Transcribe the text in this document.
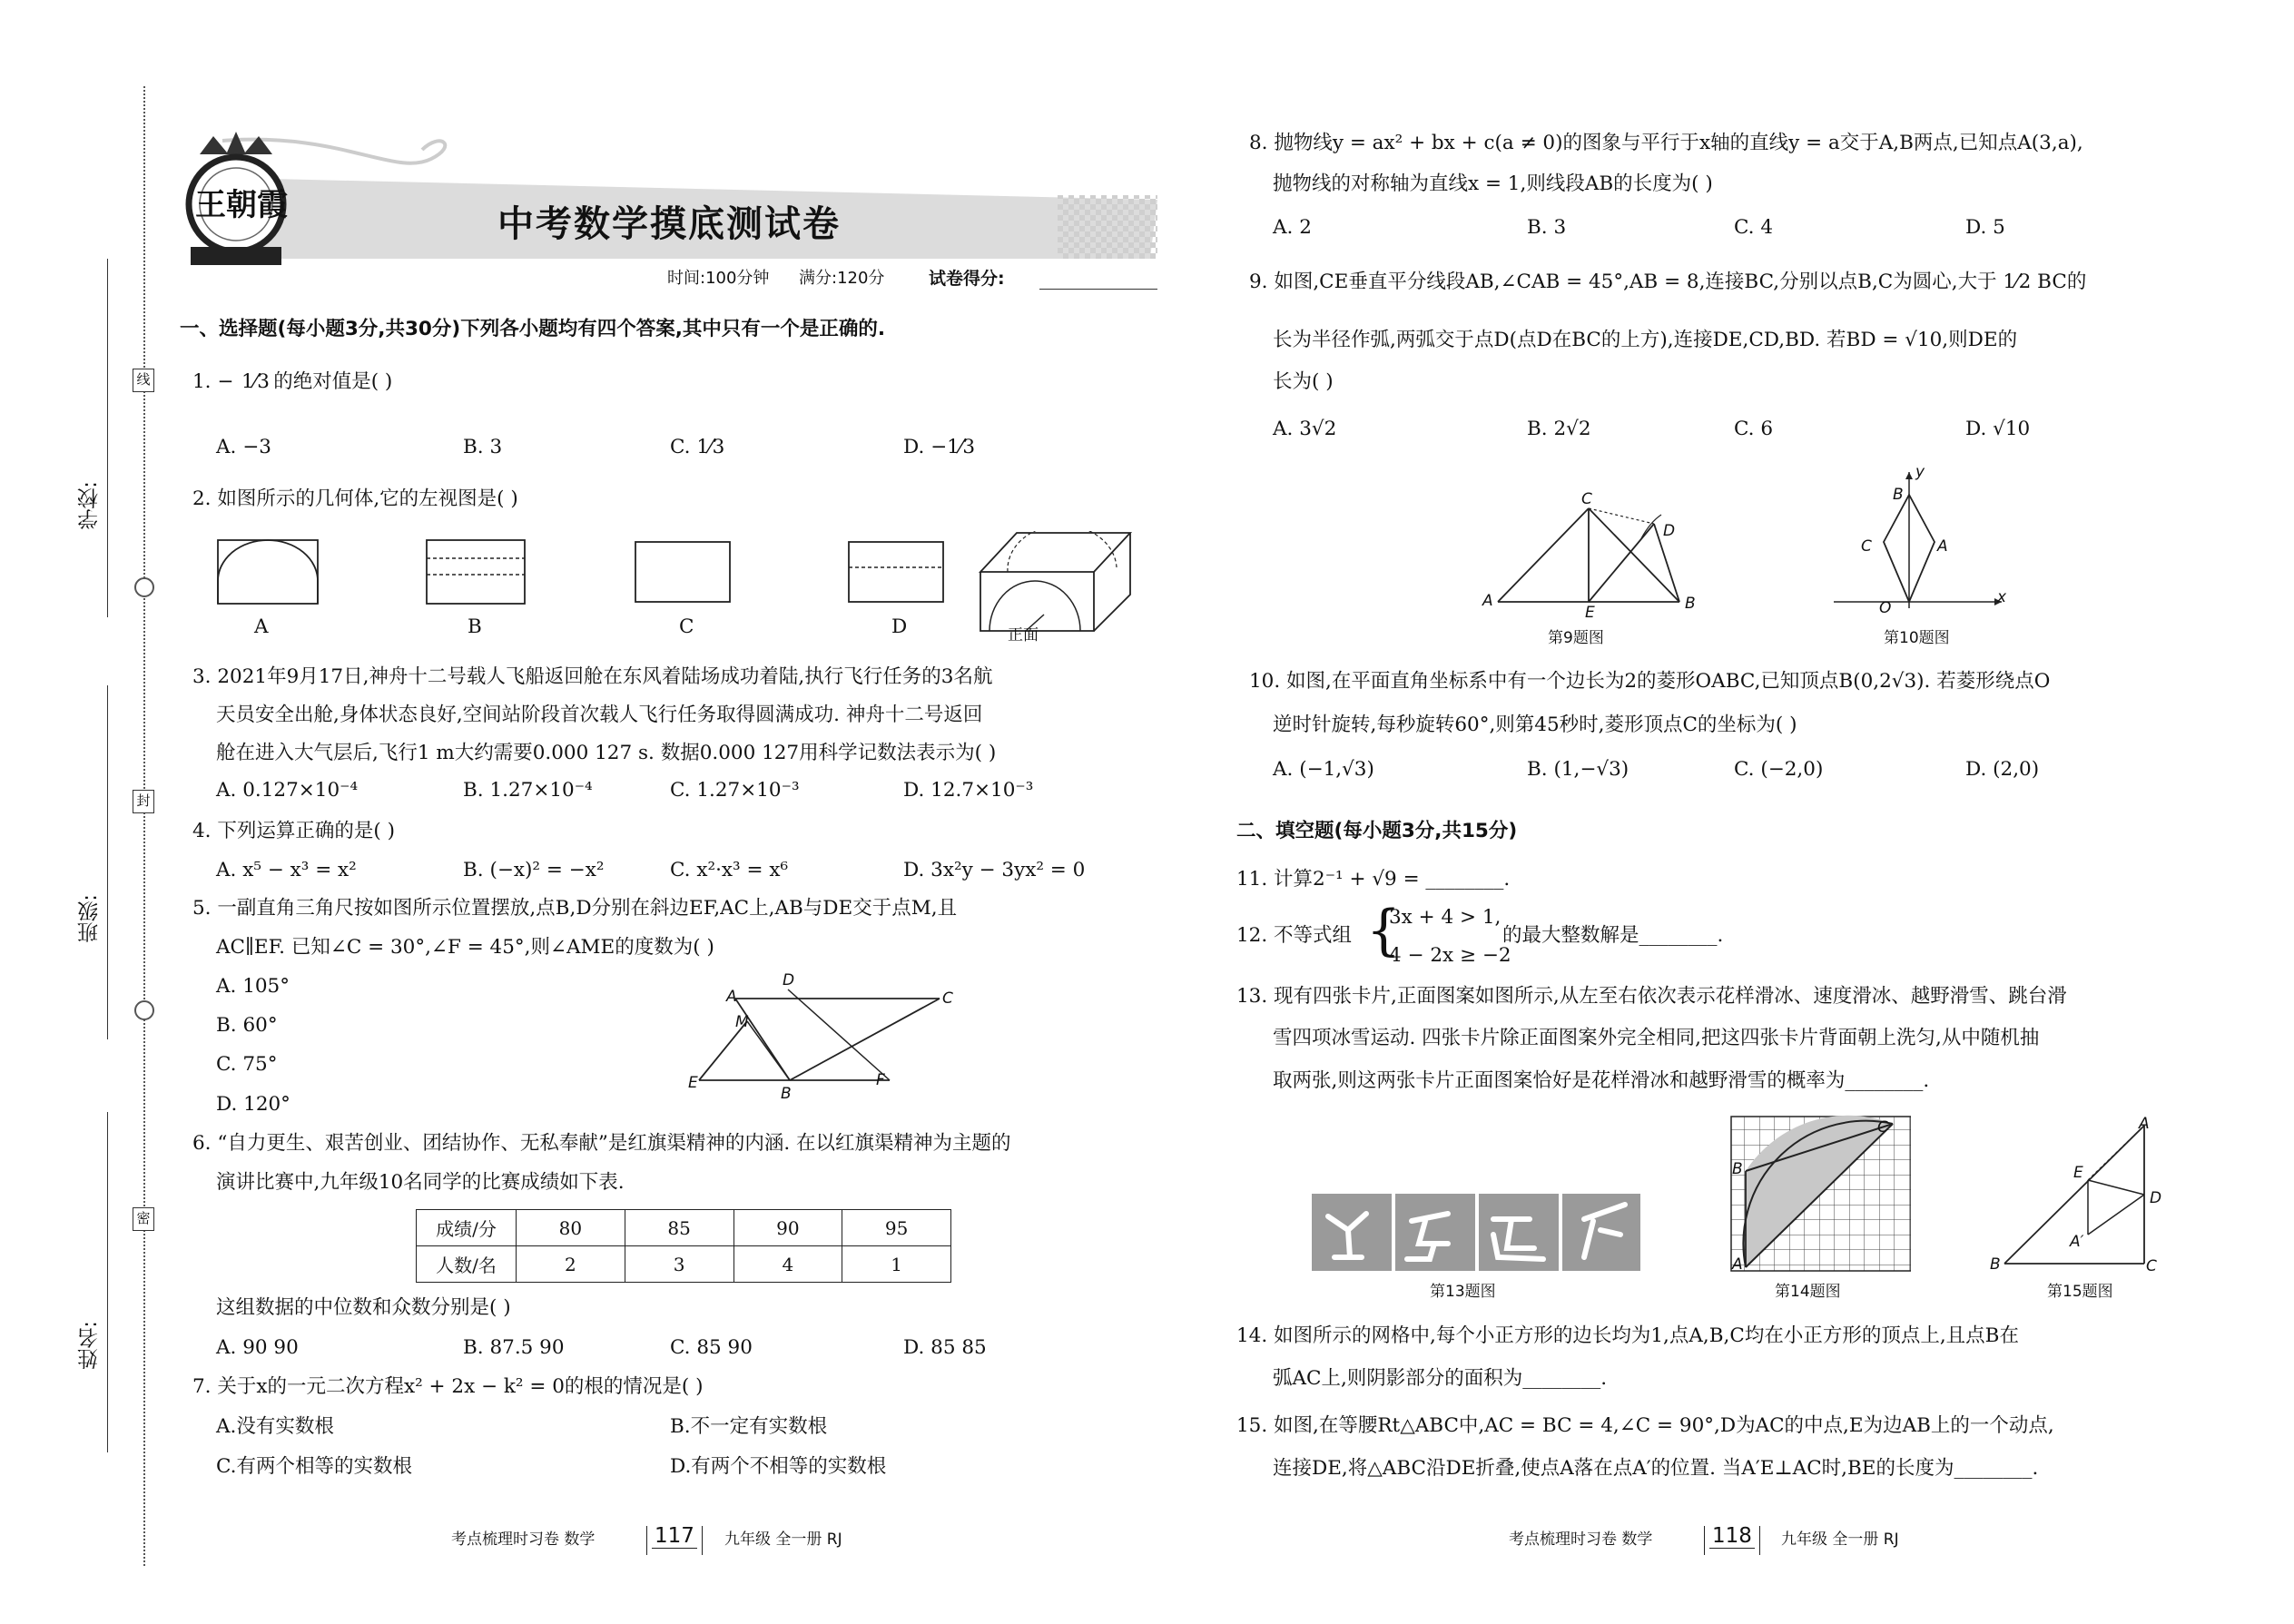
学校:
班级:
姓名:
线
封
密
王朝霞	中考数学摸底测试卷
时间:100分钟 满分:120分	试卷得分:
一、选择题(每小题3分,共30分)下列各小题均有四个答案,其中只有一个是正确的.
1. −  1⁄3 的绝对值是( )
A. −3	B. 3	C. 1⁄3	D. −1⁄3
2. 如图所示的几何体,它的左视图是( )
A	B	C	D	正面
3. 2021年9月17日,神舟十二号载人飞船返回舱在东风着陆场成功着陆,执行飞行任务的3名航
天员安全出舱,身体状态良好,空间站阶段首次载人飞行任务取得圆满成功. 神舟十二号返回
舱在进入大气层后,飞行1 m大约需要0.000 127 s. 数据0.000 127用科学记数法表示为( )
A. 0.127×10⁻⁴	B. 1.27×10⁻⁴	C. 1.27×10⁻³	D. 12.7×10⁻³
4. 下列运算正确的是( )
A. x⁵ − x³ = x²	B. (−x)² = −x²	C. x²·x³ = x⁶	D. 3x²y − 3yx² = 0
5. 一副直角三角尺按如图所示位置摆放,点B,D分别在斜边EF,AC上,AB与DE交于点M,且
AC∥EF. 已知∠C = 30°,∠F = 45°,则∠AME的度数为( )
A. 105°
B. 60°
C. 75°
D. 120°
A
D
C
M
E
B
F
6. “自力更生、艰苦创业、团结协作、无私奉献”是红旗渠精神的内涵. 在以红旗渠精神为主题的
演讲比赛中,九年级10名同学的比赛成绩如下表.
成绩/分	80	85	90	95
人数/名	2	3	4	1
这组数据的中位数和众数分别是( )
A. 90 90	B. 87.5 90	C. 85 90	D. 85 85
7. 关于x的一元二次方程x² + 2x − k² = 0的根的情况是( )
A.没有实数根	B.不一定有实数根
C.有两个相等的实数根	D.有两个不相等的实数根
考点梳理时习卷 数学	117 九年级 全一册 RJ
8. 抛物线y = ax² + bx + c(a ≠ 0)的图象与平行于x轴的直线y = a交于A,B两点,已知点A(3,a),
抛物线的对称轴为直线x = 1,则线段AB的长度为( )
A. 2	B. 3	C. 4	D. 5
9. 如图,CE垂直平分线段AB,∠CAB = 45°,AB = 8,连接BC,分别以点B,C为圆心,大于 1⁄2 BC的
长为半径作弧,两弧交于点D(点D在BC的上方),连接DE,CD,BD. 若BD = √10,则DE的
长为( )
A. 3√2	B. 2√2	C. 6	D. √10
C
D
A
E	B
第9题图
y
B
C	A
O
x
第10题图
10. 如图,在平面直角坐标系中有一个边长为2的菱形OABC,已知顶点B(0,2√3). 若菱形绕点O
逆时针旋转,每秒旋转60°,则第45秒时,菱形顶点C的坐标为( )
A. (−1,√3)	B. (1,−√3)	C. (−2,0)	D. (2,0)
二、填空题(每小题3分,共15分)
11. 计算2⁻¹ + √9 = ________.
12. 不等式组 {
3x + 4 > 1,
4 − 2x ≥ −2
的最大整数解是________.
13. 现有四张卡片,正面图案如图所示,从左至右依次表示花样滑冰、速度滑冰、越野滑雪、跳台滑
雪四项冰雪运动. 四张卡片除正面图案外完全相同,把这四张卡片背面朝上洗匀,从中随机抽
取两张,则这两张卡片正面图案恰好是花样滑冰和越野滑雪的概率为________.
第13题图
C
B
A
第14题图
A
E
D
A′
B	C
第15题图
14. 如图所示的网格中,每个小正方形的边长均为1,点A,B,C均在小正方形的顶点上,且点B在
弧AC上,则阴影部分的面积为________.
15. 如图,在等腰Rt△ABC中,AC = BC = 4,∠C = 90°,D为AC的中点,E为边AB上的一个动点,
连接DE,将△ABC沿DE折叠,使点A落在点A′的位置. 当A′E⊥AC时,BE的长度为________.
考点梳理时习卷 数学	118 九年级 全一册 RJ
